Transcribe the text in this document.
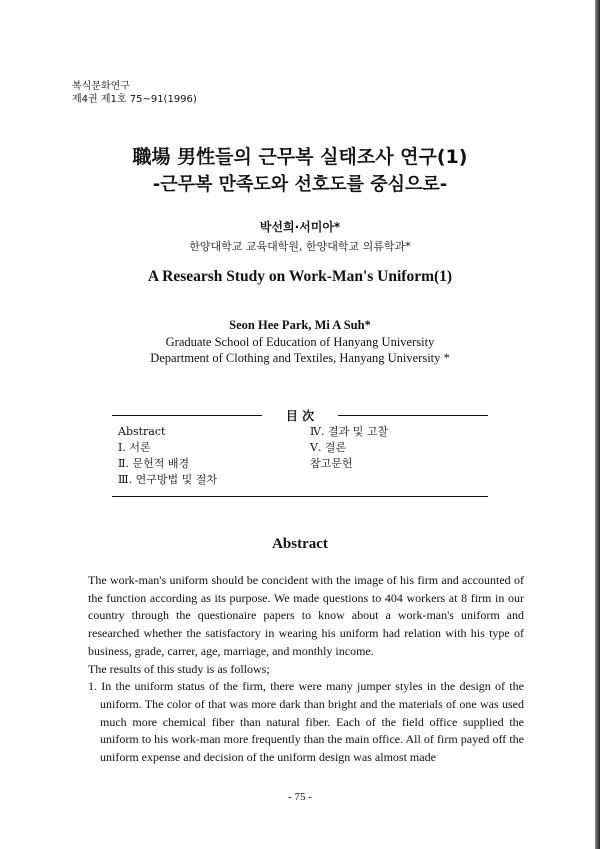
복식문화연구
제4권 제1호 75~91(1996)
職場 男性들의 근무복 실태조사 연구(1)
-근무복 만족도와 선호도를 중심으로-
박선희·서미아*
한양대학교 교육대학원, 한양대학교 의류학과*
A Researsh Study on Work-Man's Uniform(1)
Seon Hee Park, Mi A Suh*
Graduate School of Education of Hanyang University
Department of Clothing and Textiles, Hanyang University *
目 次
Abstract
Ⅰ. 서론
Ⅱ. 문헌적 배경
Ⅲ. 연구방법 및 절차
Ⅳ. 결과 및 고찰
Ⅴ. 결론
참고문헌
Abstract

The work-man's uniform should be concident with the image of his firm and accounted of the function according as its purpose. We made questions to 404 workers at 8 firm in our country through the questionaire papers to know about a work-man's uniform and researched whether the satisfactory in wearing his uniform had relation with his type of business, grade, carrer, age, marriage, and monthly income.

The results of this study is as follows;

1. In the uniform status of the firm, there were many jumper styles in the design of the uniform. The color of that was more dark than bright and the materials of one was used much more chemical fiber than natural fiber. Each of the field office supplied the uniform to his work-man more frequently than the main office. All of firm payed off the uniform expense and decision of the uniform design was almost made

- 75 -
